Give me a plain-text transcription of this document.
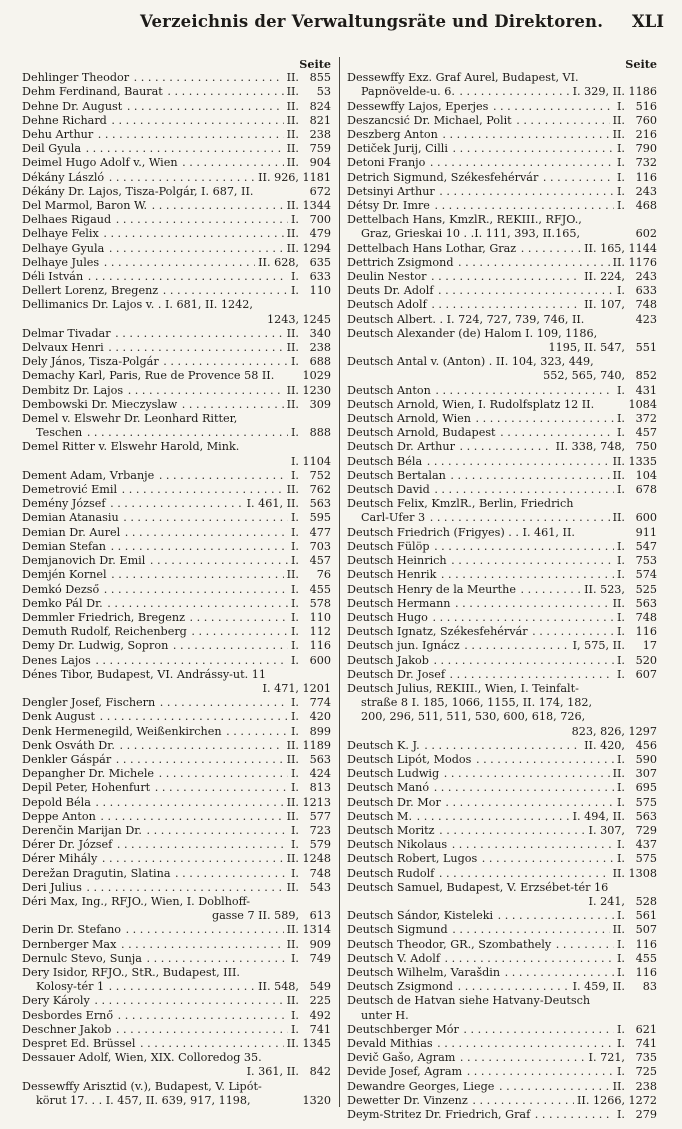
Verzeichnis der Verwaltungsräte und Direktoren. XLI
Seite
Dehlinger Theodor . . .	II. 855
Dehm Ferdinand, Baurat . . .	II.	53
Dehne Dr. August . . .	II. 824
Dehne Richard . . .	II. 821
Dehu Arthur . . .	II. 238
Deil Gyula . . .	II. 759
Deimel Hugo Adolf v., Wien . . .	II. 904
Dékány László . . .	II. 926, 1181
Dékány Dr. Lajos, Tisza-Polgár, I. 687, II.	672
Del Marmol, Baron W. . . .	II. 1344
Delhaes Rigaud . . .	I. 700
Delhaye Felix . . .	II. 479
Delhaye Gyula . . .	II. 1294
Delhaye Jules . . .	II. 628, 635
Déli István . . .	I. 633
Dellert Lorenz, Bregenz . . .	I. 110
Dellimanics Dr. Lajos v. . I. 681, II. 1242,
1243, 1245
Delmar Tivadar . . .	II. 340
Delvaux Henri . . .	II. 238
Dely János, Tisza-Polgár . . .	I. 688
Demachy Karl, Paris, Rue de Provence 58 II.	1029
Dembitz Dr. Lajos . . .	II. 1230
Dembowski Dr. Mieczyslaw . . .	II. 309
Demel v. Elswehr Dr. Leonhard Ritter,
Teschen . . .	I. 888
Demel Ritter v. Elswehr Harold, Mink.
I. 1104
Dement Adam, Vrbanje . . .	I. 752
Demetrović Emil . . .	II. 762
Demény József . . .	I. 461, II. 563
Demian Atanasiu . . .	I. 595
Demian Dr. Aurel . . .	I. 477
Demian Stefan . . .	I. 703
Demjanovich Dr. Emil . . .	I. 457
Demjén Kornel . . .	II.	76
Demkó Dezső . . .	I. 455
Demko Pál Dr. . . .	I. 578
Demmler Friedrich, Bregenz . . .	I. 110
Demuth Rudolf, Reichenberg . . .	I. 112
Demy Dr. Ludwig, Sopron . . .	I. 116
Denes Lajos . . .	I. 600
Dénes Tibor, Budapest, VI. Andrássy-ut. 11
I. 471, 1201
Dengler Josef, Fischern . . .	I. 774
Denk August . . .	I. 420
Denk Hermenegild, Weißenkirchen . . .	I. 899
Denk Osváth Dr. . . .	II. 1189
Denkler Gáspár . . .	II. 563
Depangher Dr. Michele . . .	I. 424
Depil Peter, Hohenfurt . . .	I. 813
Depold Béla . . .	II. 1213
Deppe Anton . . .	II. 577
Derenčin Marijan Dr. . . .	I. 723
Dérer Dr. József . . .	I. 579
Dérer Mihály . . .	II. 1248
Derežan Dragutin, Slatina . . .	I. 748
Deri Julius . . .	II. 543
Déri Max, Ing., RFJO., Wien, I. Doblhoff-
gasse 7 II. 589, 613
Derin Dr. Stefano . . .	II. 1314
Dernberger Max . . .	II. 909
Dernulc Stevo, Sunja . . .	I. 749
Dery Isidor, RFJO., StR., Budapest, III.
Kolosy-tér 1 . . .	II. 548, 549
Dery Károly . . .	II. 225
Desbordes Ernő . . .	I. 492
Deschner Jakob . . .	I. 741
Despret Ed. Brüssel . . .	II. 1345
Dessauer Adolf, Wien, XIX. Colloredog 35.
I. 361, II. 842
Dessewffy Arisztid (v.), Budapest, V. Lipót-
körut 17. . . I. 457, II. 639, 917, 1198,	1320
Seite
Dessewffy Exz. Graf Aurel, Budapest, VI.
Papnövelde-u. 6. . . .	I. 329, II. 1186
Dessewffy Lajos, Eperjes . . .	I. 516
Deszancsić Dr. Michael, Polit . . .	II. 760
Deszberg Anton . . .	II. 216
Detiček Jurij, Cilli . . .	I. 790
Detoni Franjo . . .	I. 732
Detrich Sigmund, Székesfehérvár . . .	I. 116
Detsinyi Arthur . . .	I. 243
Détsy Dr. Imre . . .	I. 468
Dettelbach Hans, KmzlR., REKIII., RFJO.,
Graz, Grieskai 10 . .I. 111, 393, II.165,	602
Dettelbach Hans Lothar, Graz . . .	II. 165, 1144
Dettrich Zsigmond . . .	II. 1176
Deulin Nestor . . .	II. 224, 243
Deuts Dr. Adolf . . .	I. 633
Deutsch Adolf . . .	II. 107, 748
Deutsch Albert. . I. 724, 727, 739, 746, II.	423
Deutsch Alexander (de) Halom I. 109, 1186,
1195, II. 547, 551
Deutsch Antal v. (Anton) . II. 104, 323, 449,
552, 565, 740, 852
Deutsch Anton . . .	I. 431
Deutsch Arnold, Wien, I. Rudolfsplatz 12 II.	1084
Deutsch Arnold, Wien . . .	I. 372
Deutsch Arnold, Budapest . . .	I. 457
Deutsch Dr. Arthur . . .	II. 338, 748, 750
Deutsch Béla . . .	II. 1335
Deutsch Bertalan . . .	II. 104
Deutsch David . . .	I. 678
Deutsch Felix, KmzlR., Berlin, Friedrich
Carl-Ufer 3 . . .	II. 600
Deutsch Friedrich (Frigyes) . . I. 461, II.	911
Deutsch Fülöp . . .	I. 547
Deutsch Heinrich . . .	I. 753
Deutsch Henrik . . .	I. 574
Deutsch Henry de la Meurthe . . .	II. 523, 525
Deutsch Hermann . . .	II. 563
Deutsch Hugo . . .	I. 748
Deutsch Ignatz, Székesfehérvár . . .	I. 116
Deutsch jun. Ignácz . . .	I, 575, II.	17
Deutsch Jakob . . .	I. 520
Deutsch Dr. Josef . . .	I. 607
Deutsch Julius, REKIII., Wien, I. Teinfalt-
straße 8 I. 185, 1066, 1155, II. 174, 182,
200, 296, 511, 511, 530, 600, 618, 726,
823, 826, 1297
Deutsch K. J. . . .	II. 420, 456
Deutsch Lipót, Modos . . .	I. 590
Deutsch Ludwig . . .	II. 307
Deutsch Manó . . .	I. 695
Deutsch Dr. Mor . . .	I. 575
Deutsch M. . . .	I. 494, II. 563
Deutsch Moritz . . .	I. 307, 729
Deutsch Nikolaus . . .	I. 437
Deutsch Robert, Lugos . . .	I. 575
Deutsch Rudolf . . .	II. 1308
Deutsch Samuel, Budapest, V. Erzsébet-tér 16
I. 241, 528
Deutsch Sándor, Kisteleki . . .	I. 561
Deutsch Sigmund . . .	II. 507
Deutsch Theodor, GR., Szombathely . . .	I. 116
Deutsch V. Adolf . . .	I. 455
Deutsch Wilhelm, Varašdin . . .	I. 116
Deutsch Zsigmond . . .	I. 459, II.	83
Deutsch de Hatvan siehe Hatvany-Deutsch
unter H.
Deutschberger Mór . . .	I. 621
Devald Mithias . . .	I. 741
Devič Gašo, Agram . . .	I. 721, 735
Devide Josef, Agram . . .	I. 725
Dewandre Georges, Liege . . .	II. 238
Dewetter Dr. Vinzenz . . .	II. 1266, 1272
Deym-Stritez Dr. Friedrich, Graf . . .	I. 279
